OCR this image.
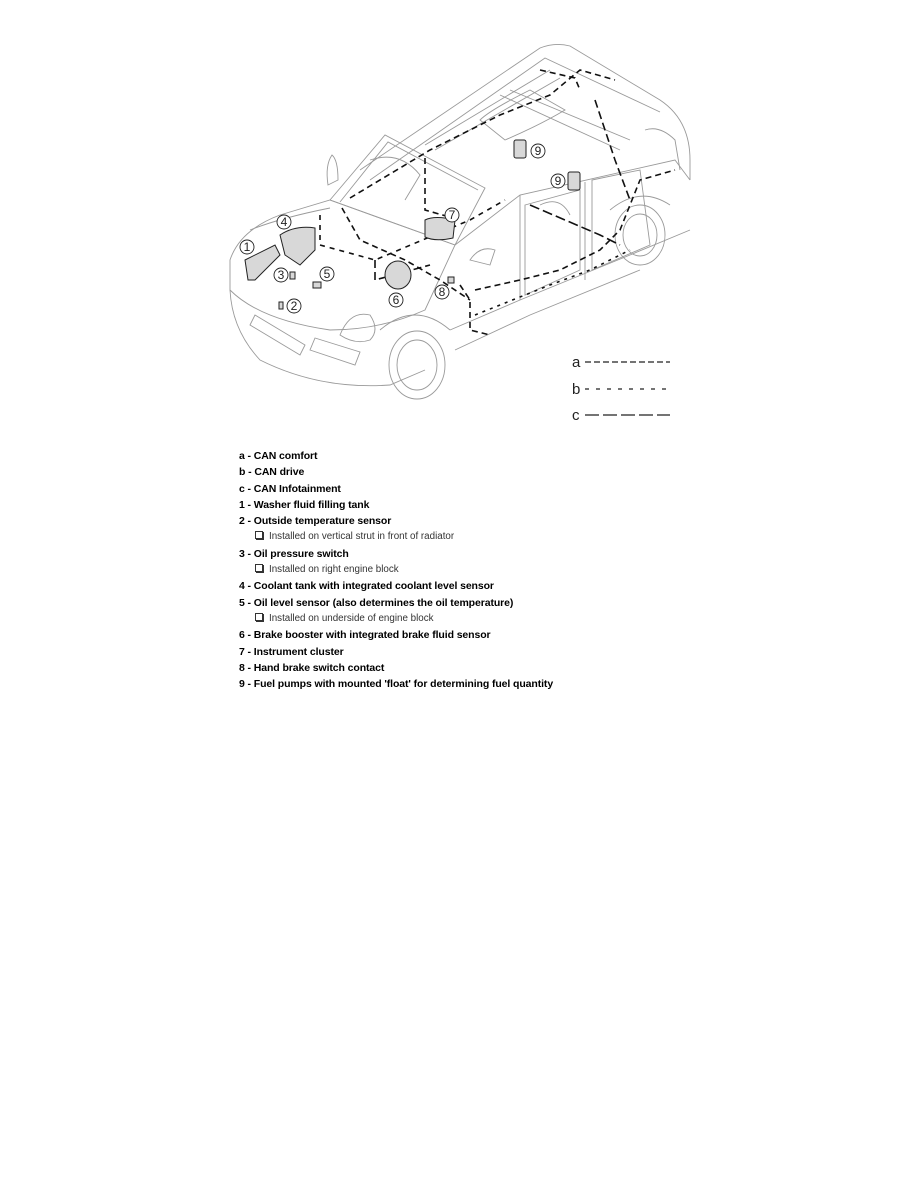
1
2
3
4
5
6
7
8
9
9
a
b
c
a - CAN comfort
b - CAN drive
c - CAN Infotainment
1 - Washer fluid filling tank
2 - Outside temperature sensor
Installed on vertical strut in front of radiator
3 - Oil pressure switch
Installed on right engine block
4 - Coolant tank with integrated coolant level sensor
5 - Oil level sensor (also determines the oil temperature)
Installed on underside of engine block
6 - Brake booster with integrated brake fluid sensor
7 - Instrument cluster
8 - Hand brake switch contact
9 - Fuel pumps with mounted 'float' for determining fuel quantity
